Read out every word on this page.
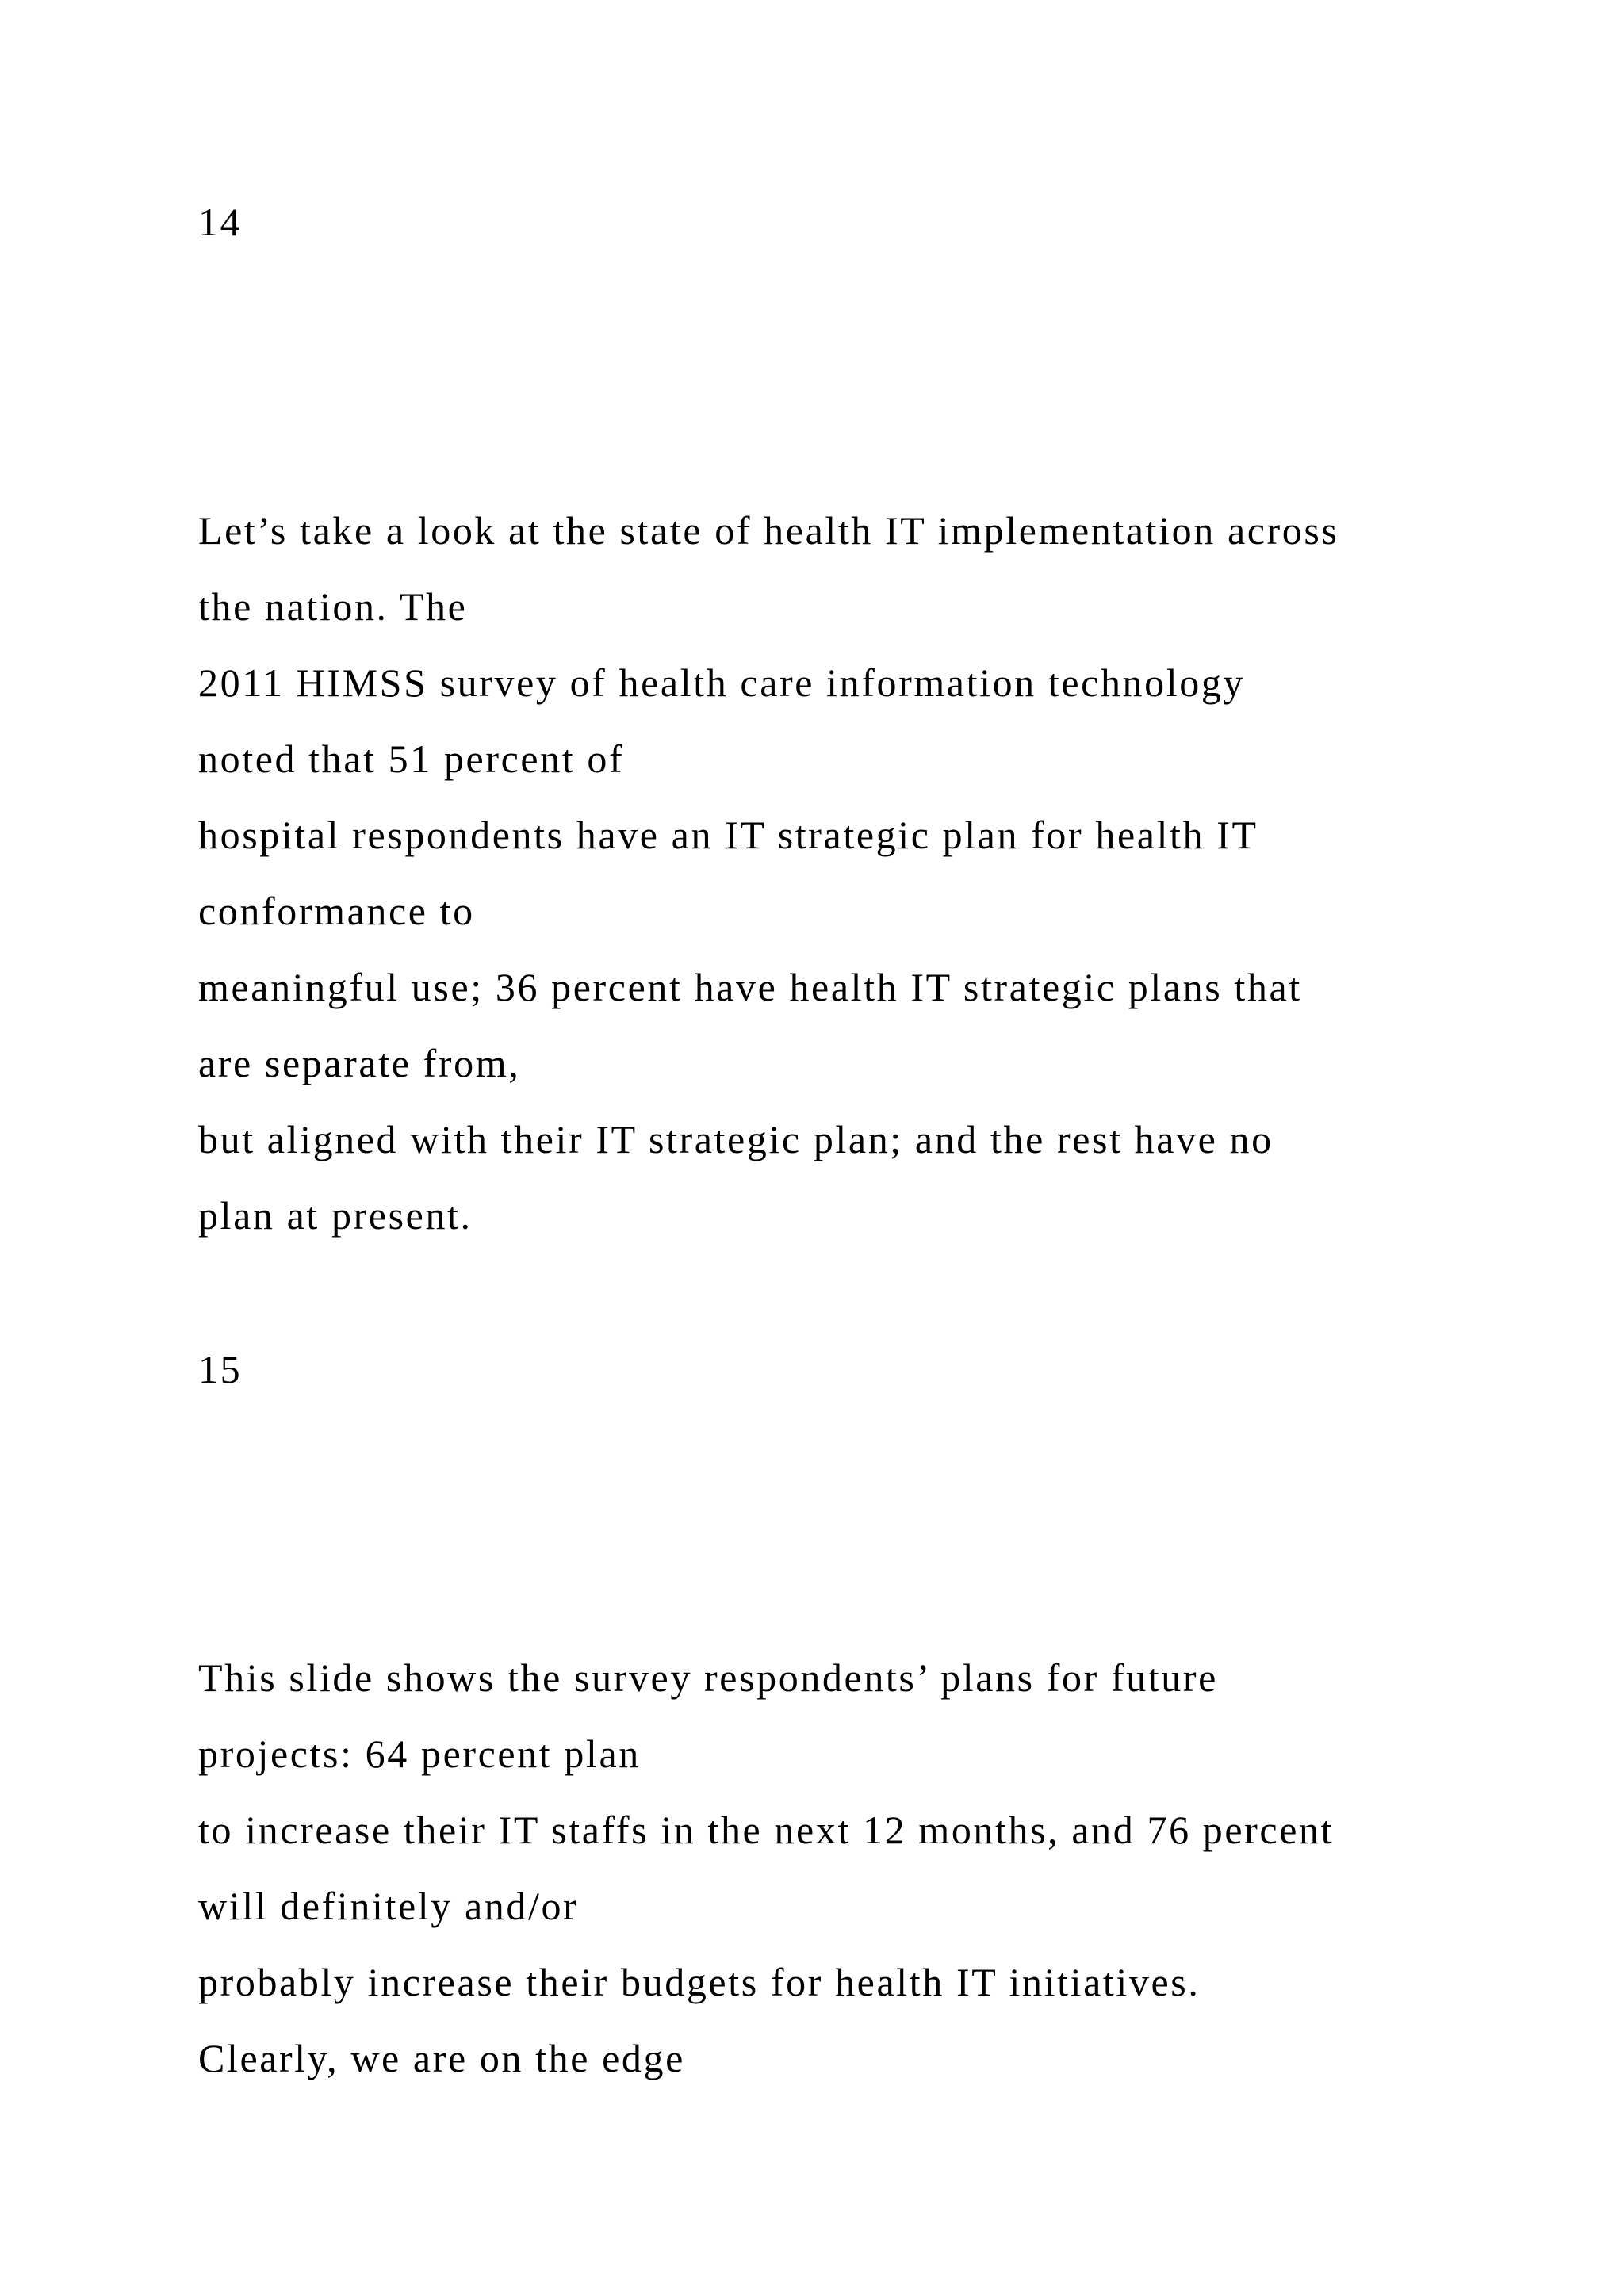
14
Let’s take a look at the state of health IT implementation across
the nation. The
2011 HIMSS survey of health care information technology
noted that 51 percent of
hospital respondents have an IT strategic plan for health IT
conformance to
meaningful use; 36 percent have health IT strategic plans that
are separate from,
but aligned with their IT strategic plan; and the rest have no
plan at present.
15
This slide shows the survey respondents’ plans for future
projects: 64 percent plan
to increase their IT staffs in the next 12 months, and 76 percent
will definitely and/or
probably increase their budgets for health IT initiatives.
Clearly, we are on the edge
